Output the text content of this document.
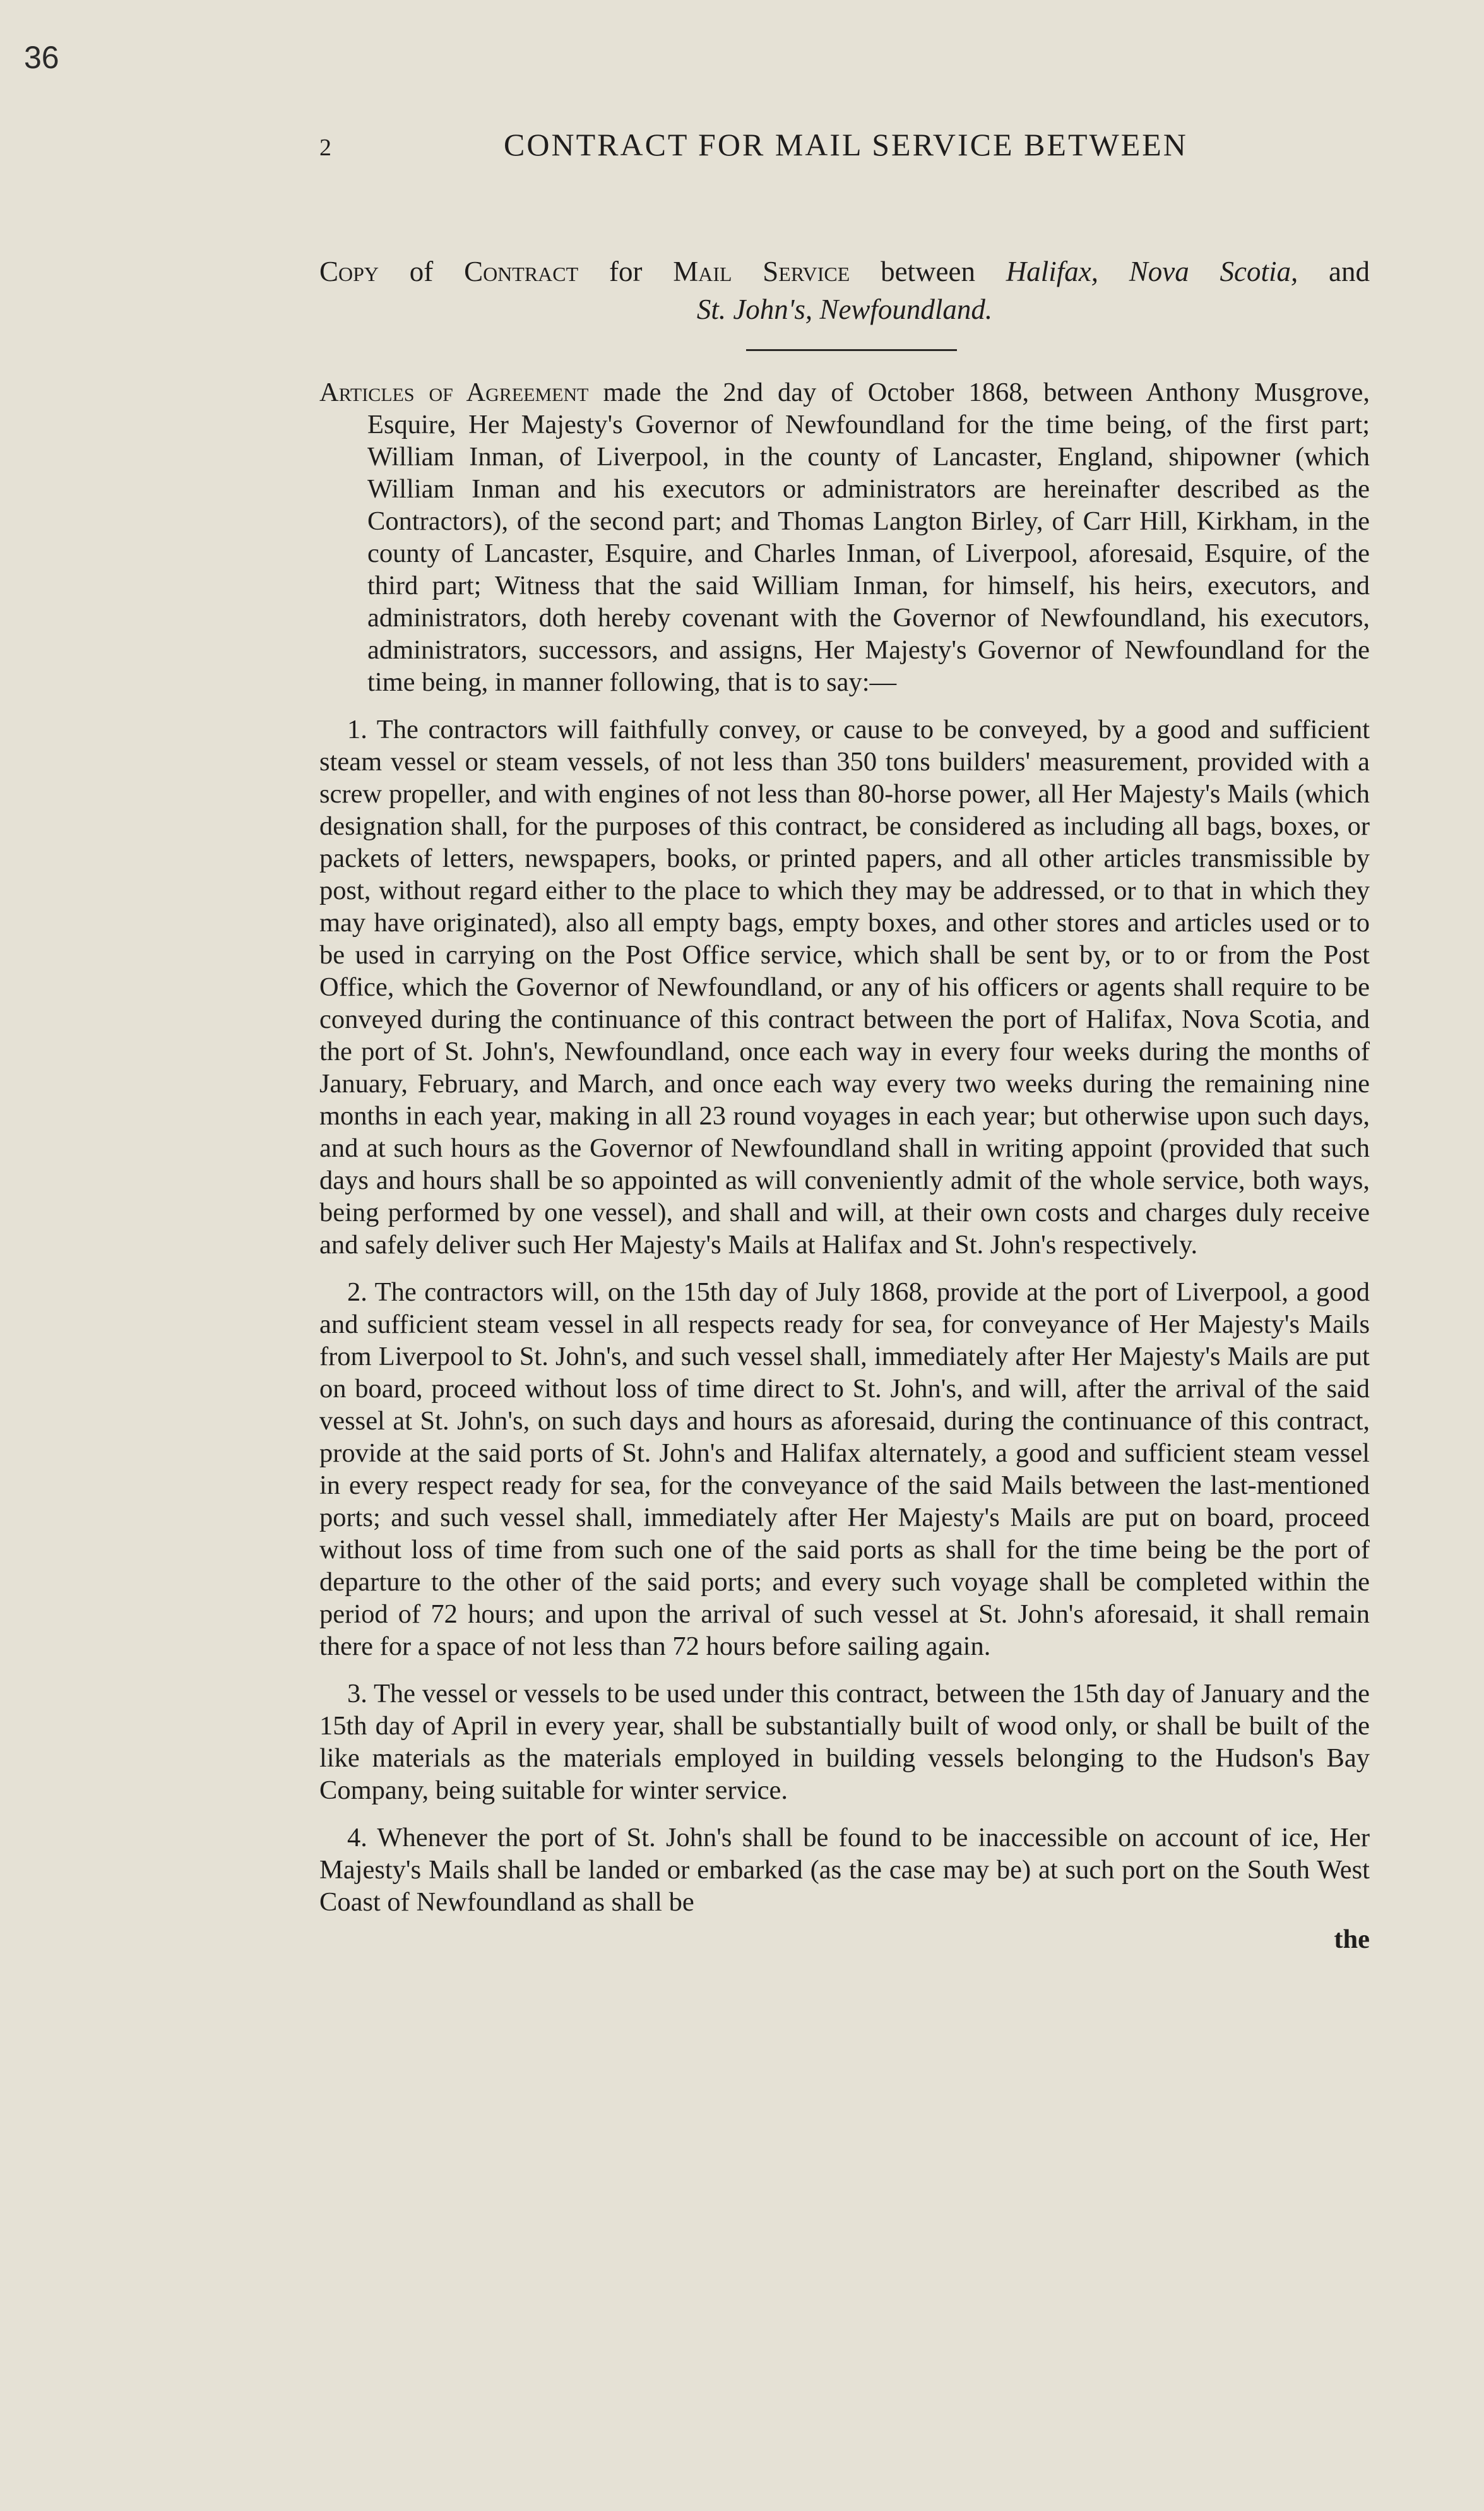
36
2	CONTRACT FOR MAIL SERVICE BETWEEN
Copy of Contract for Mail Service between Halifax, Nova Scotia, and
St. John's, Newfoundland.

Articles of Agreement made the 2nd day of October 1868, between Anthony Musgrove, Esquire, Her Majesty's Governor of Newfoundland for the time being, of the first part; William Inman, of Liverpool, in the county of Lancaster, England, shipowner (which William Inman and his executors or administrators are hereinafter described as the Contractors), of the second part; and Thomas Langton Birley, of Carr Hill, Kirkham, in the county of Lancaster, Esquire, and Charles Inman, of Liverpool, aforesaid, Esquire, of the third part; Witness that the said William Inman, for himself, his heirs, executors, and administrators, doth hereby covenant with the Governor of Newfoundland, his executors, administrators, successors, and assigns, Her Majesty's Governor of Newfoundland for the time being, in manner following, that is to say:—

1. The contractors will faithfully convey, or cause to be conveyed, by a good and sufficient steam vessel or steam vessels, of not less than 350 tons builders' measurement, provided with a screw propeller, and with engines of not less than 80-horse power, all Her Majesty's Mails (which designation shall, for the purposes of this contract, be considered as including all bags, boxes, or packets of letters, newspapers, books, or printed papers, and all other articles transmissible by post, without regard either to the place to which they may be addressed, or to that in which they may have originated), also all empty bags, empty boxes, and other stores and articles used or to be used in carrying on the Post Office service, which shall be sent by, or to or from the Post Office, which the Governor of Newfoundland, or any of his officers or agents shall require to be conveyed during the continuance of this contract between the port of Halifax, Nova Scotia, and the port of St. John's, Newfoundland, once each way in every four weeks during the months of January, February, and March, and once each way every two weeks during the remaining nine months in each year, making in all 23 round voyages in each year; but otherwise upon such days, and at such hours as the Governor of Newfoundland shall in writing appoint (provided that such days and hours shall be so appointed as will conveniently admit of the whole service, both ways, being performed by one vessel), and shall and will, at their own costs and charges duly receive and safely deliver such Her Majesty's Mails at Halifax and St. John's respectively.

2. The contractors will, on the 15th day of July 1868, provide at the port of Liverpool, a good and sufficient steam vessel in all respects ready for sea, for conveyance of Her Majesty's Mails from Liverpool to St. John's, and such vessel shall, immediately after Her Majesty's Mails are put on board, proceed without loss of time direct to St. John's, and will, after the arrival of the said vessel at St. John's, on such days and hours as aforesaid, during the continuance of this contract, provide at the said ports of St. John's and Halifax alternately, a good and sufficient steam vessel in every respect ready for sea, for the conveyance of the said Mails between the last-mentioned ports; and such vessel shall, immediately after Her Majesty's Mails are put on board, proceed without loss of time from such one of the said ports as shall for the time being be the port of departure to the other of the said ports; and every such voyage shall be completed within the period of 72 hours; and upon the arrival of such vessel at St. John's aforesaid, it shall remain there for a space of not less than 72 hours before sailing again.

3. The vessel or vessels to be used under this contract, between the 15th day of January and the 15th day of April in every year, shall be substantially built of wood only, or shall be built of the like materials as the materials employed in building vessels belonging to the Hudson's Bay Company, being suitable for winter service.

4. Whenever the port of St. John's shall be found to be inaccessible on account of ice, Her Majesty's Mails shall be landed or embarked (as the case may be) at such port on the South West Coast of Newfoundland as shall be

the
